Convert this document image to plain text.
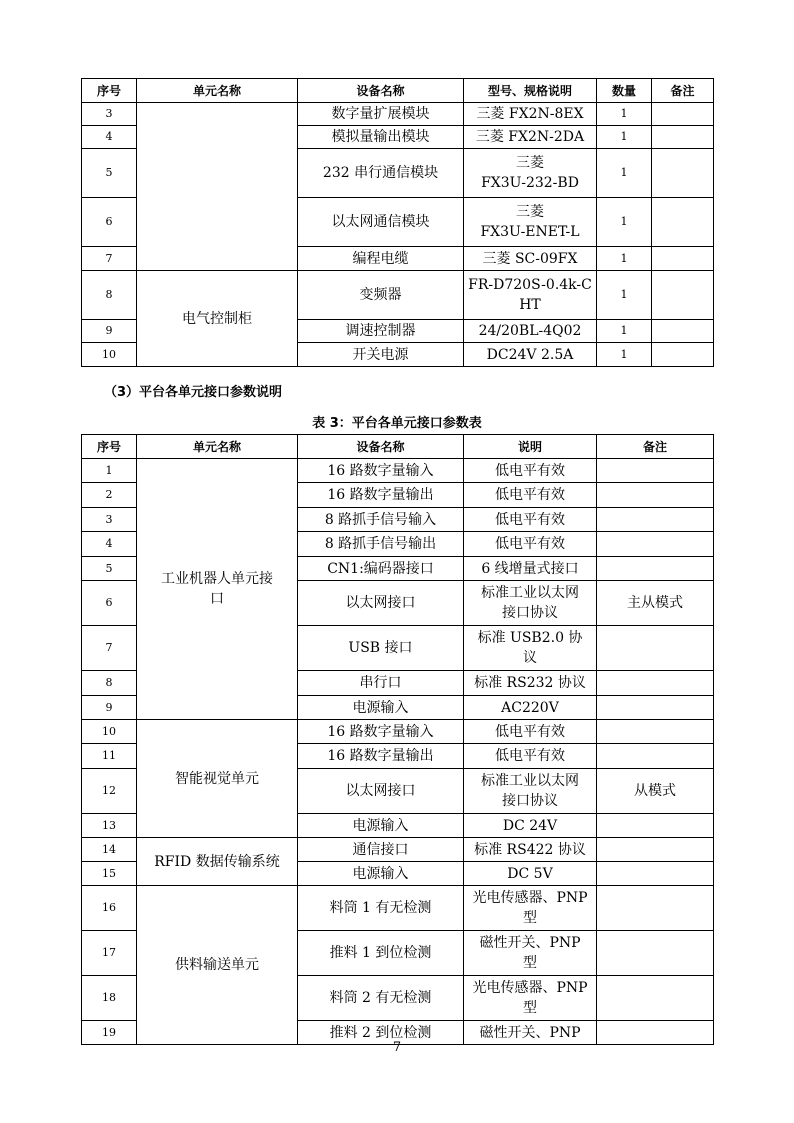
序号	单元名称	设备名称	型号、规格说明	数量	备注
3		数字量扩展模块	三菱 FX2N-8EX	1	
4		模拟量输出模块	三菱 FX2N-2DA	1	
5		232 串行通信模块	三菱
FX3U-232-BD	1	
6		以太网通信模块	三菱
FX3U-ENET-L	1	
7		编程电缆	三菱 SC-09FX	1	
8	电气控制柜	变频器	FR-D720S-0.4k-C
HT	1	
9		调速控制器	24/20BL-4Q02	1	
10		开关电源	DC24V 2.5A	1	
（3）平台各单元接口参数说明
表 3：平台各单元接口参数表
序号	单元名称	设备名称	说明	备注
1	工业机器人单元接
口	16 路数字量输入	低电平有效	
2		16 路数字量输出	低电平有效	
3		8 路抓手信号输入	低电平有效	
4		8 路抓手信号输出	低电平有效	
5		CN1:编码器接口	6 线增量式接口	
6		以太网接口	标准工业以太网
接口协议	主从模式
7		USB 接口	标准 USB2.0 协
议	
8		串行口	标准 RS232 协议	
9		电源输入	AC220V	
10	智能视觉单元	16 路数字量输入	低电平有效	
11		16 路数字量输出	低电平有效	
12		以太网接口	标准工业以太网
接口协议	从模式
13		电源输入	DC 24V	
14	RFID 数据传输系统	通信接口	标准 RS422 协议	
15		电源输入	DC 5V	
16	供料输送单元	料筒 1 有无检测	光电传感器、PNP
型	
17		推料 1 到位检测	磁性开关、PNP
型	
18		料筒 2 有无检测	光电传感器、PNP
型	
19		推料 2 到位检测	磁性开关、PNP	
7
